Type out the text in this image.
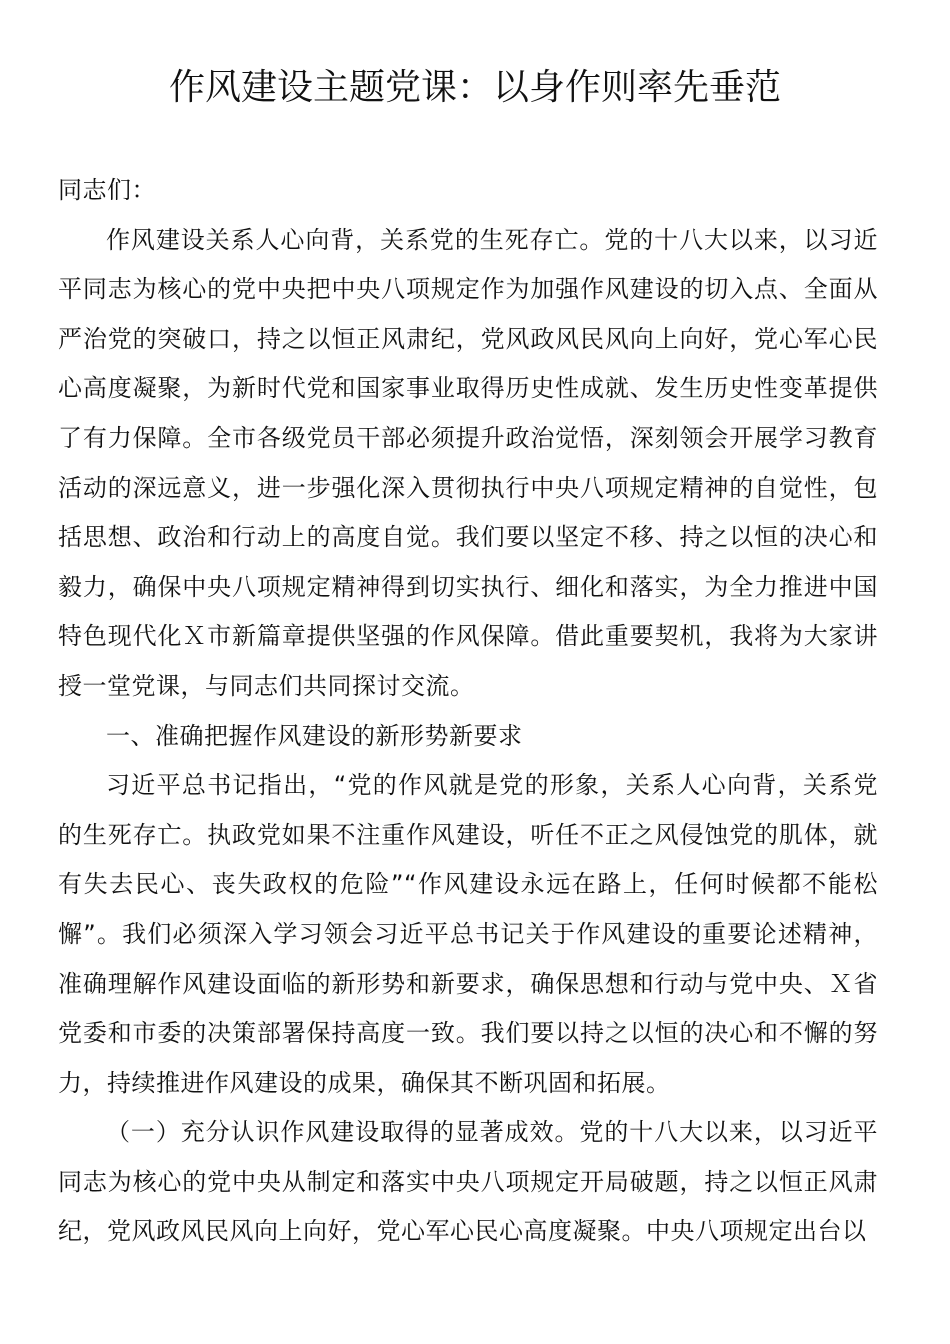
作风建设主题党课：以身作则率先垂范

同志们：

作风建设关系人心向背，关系党的生死存亡。党的十八大以来，以习近平同志为核心的党中央把中央八项规定作为加强作风建设的切入点、全面从严治党的突破口，持之以恒正风肃纪，党风政风民风向上向好，党心军心民心高度凝聚，为新时代党和国家事业取得历史性成就、发生历史性变革提供了有力保障。全市各级党员干部必须提升政治觉悟，深刻领会开展学习教育活动的深远意义，进一步强化深入贯彻执行中央八项规定精神的自觉性，包括思想、政治和行动上的高度自觉。我们要以坚定不移、持之以恒的决心和毅力，确保中央八项规定精神得到切实执行、细化和落实，为全力推进中国特色现代化Ｘ市新篇章提供坚强的作风保障。借此重要契机，我将为大家讲授一堂党课，与同志们共同探讨交流。

一、准确把握作风建设的新形势新要求

习近平总书记指出，“党的作风就是党的形象，关系人心向背，关系党的生死存亡。执政党如果不注重作风建设，听任不正之风侵蚀党的肌体，就有失去民心、丧失政权的危险”“作风建设永远在路上，任何时候都不能松懈”。我们必须深入学习领会习近平总书记关于作风建设的重要论述精神，准确理解作风建设面临的新形势和新要求，确保思想和行动与党中央、Ｘ省党委和市委的决策部署保持高度一致。我们要以持之以恒的决心和不懈的努力，持续推进作风建设的成果，确保其不断巩固和拓展。

（一）充分认识作风建设取得的显著成效。党的十八大以来，以习近平同志为核心的党中央从制定和落实中央八项规定开局破题，持之以恒正风肃纪，党风政风民风向上向好，党心军心民心高度凝聚。中央八项规定出台以
